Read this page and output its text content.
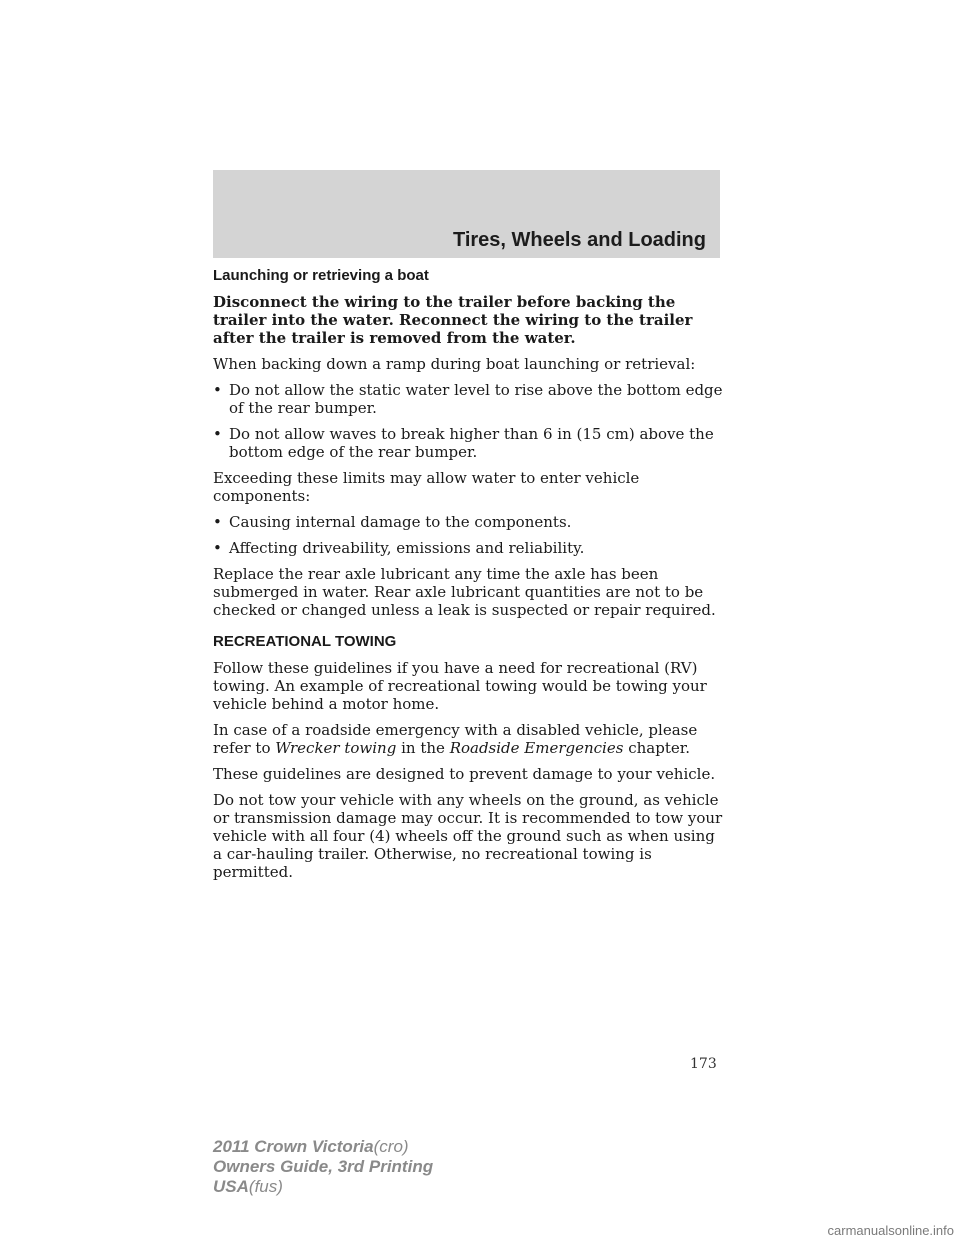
Tires, Wheels and Loading
Launching or retrieving a boat

Disconnect the wiring to the trailer before backing the trailer into the water. Reconnect the wiring to the trailer after the trailer is removed from the water.

When backing down a ramp during boat launching or retrieval:

• Do not allow the static water level to rise above the bottom edge of the rear bumper.
• Do not allow waves to break higher than 6 in (15 cm) above the bottom edge of the rear bumper.

Exceeding these limits may allow water to enter vehicle components:

• Causing internal damage to the components.
• Affecting driveability, emissions and reliability.

Replace the rear axle lubricant any time the axle has been submerged in water. Rear axle lubricant quantities are not to be checked or changed unless a leak is suspected or repair required.

RECREATIONAL TOWING

Follow these guidelines if you have a need for recreational (RV) towing. An example of recreational towing would be towing your vehicle behind a motor home.

In case of a roadside emergency with a disabled vehicle, please refer to Wrecker towing in the Roadside Emergencies chapter.

These guidelines are designed to prevent damage to your vehicle.

Do not tow your vehicle with any wheels on the ground, as vehicle or transmission damage may occur. It is recommended to tow your vehicle with all four (4) wheels off the ground such as when using a car-hauling trailer. Otherwise, no recreational towing is permitted.

173
2011 Crown Victoria(cro)
Owners Guide, 3rd Printing
USA(fus)
carmanualsonline.info
